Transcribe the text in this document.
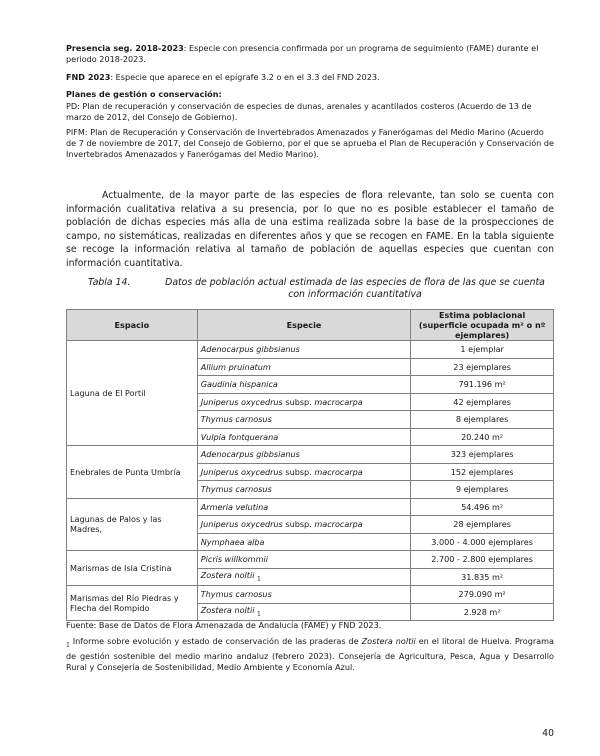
Presencia seg. 2018-2023: Especie con presencia confirmada por un programa de seguimiento (FAME) durante el periodo 2018-2023.
FND 2023: Especie que aparece en el epígrafe 3.2 o en el 3.3 del FND 2023.
Planes de gestión o conservación:
PD: Plan de recuperación y conservación de especies de dunas, arenales y acantilados costeros (Acuerdo de 13 de marzo de 2012, del Consejo de Gobierno).
PIFM: Plan de Recuperación y Conservación de Invertebrados Amenazados y Fanerógamas del Medio Marino (Acuerdo de 7 de noviembre de 2017, del Consejo de Gobierno, por el que se aprueba el Plan de Recuperación y Conservación de Invertebrados Amenazados y Fanerógamas del Medio Marino).
Actualmente, de la mayor parte de las especies de flora relevante, tan solo se cuenta con información cualitativa relativa a su presencia, por lo que no es posible establecer el tamaño de población de dichas especies más alla de una estima realizada sobre la base de la prospecciones de campo, no sistemáticas, realizadas en diferentes años y que se recogen en FAME. En la tabla siguiente se recoge la información relativa al tamaño de población de aquellas especies que cuentan con información cuantitativa.
Tabla 14.	Datos de población actual estimada de las especies de flora de las que se cuenta con información cuantitativa
Espacio	Especie	Estima poblacional (superficie ocupada m² o nº ejemplares)
Laguna de El Portil	Adenocarpus gibbsianus	1 ejemplar
	Allium pruinatum	23 ejemplares
	Gaudinia hispanica	791.196 m²
	Juniperus oxycedrus subsp. macrocarpa	42 ejemplares
	Thymus carnosus	8 ejemplares
	Vulpia fontquerana	20.240 m²
Enebrales de Punta Umbría	Adenocarpus gibbsianus	323 ejemplares
	Juniperus oxycedrus subsp. macrocarpa	152 ejemplares
	Thymus carnosus	9 ejemplares
Lagunas de Palos y las Madres,	Armeria velutina	54.496 m²
	Juniperus oxycedrus subsp. macrocarpa	28 ejemplares
	Nymphaea alba	3.000 - 4.000 ejemplares
Marismas de Isla Cristina	Picris willkommii	2.700 - 2.800 ejemplares
	Zostera noltii $_1$	31.835 m²
Marismas del Río Piedras y Flecha del Rompido	Thymus carnosus	279.090 m²
	Zostera noltii $_1$	2.928 m²
Fuente: Base de Datos de Flora Amenazada de Andalucía (FAME) y FND 2023.
$_1$ Informe sobre evolución y estado de conservación de las praderas de Zostera noltii en el litoral de Huelva. Programa de gestión sostenible del medio marino andaluz (febrero 2023). Consejería de Agricultura, Pesca, Agua y Desarrollo Rural y Consejería de Sostenibilidad, Medio Ambiente y Economía Azul.
40
